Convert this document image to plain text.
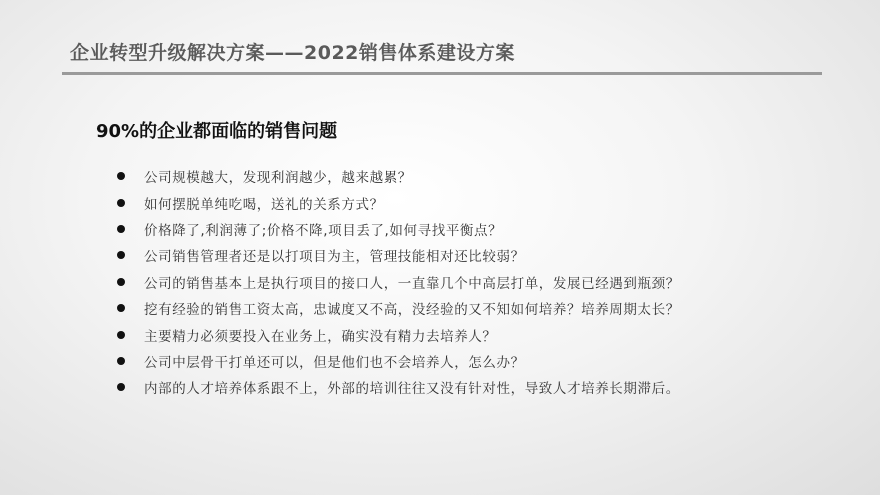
企业转型升级解决方案——2022销售体系建设方案
90%的企业都面临的销售问题
公司规模越大，发现利润越少，越来越累？
如何摆脱单纯吃喝，送礼的关系方式？
价格降了,利润薄了;价格不降,项目丢了,如何寻找平衡点？
公司销售管理者还是以打项目为主，管理技能相对还比较弱？
公司的销售基本上是执行项目的接口人，一直靠几个中高层打单，发展已经遇到瓶颈？
挖有经验的销售工资太高，忠诚度又不高，没经验的又不知如何培养？培养周期太长？
主要精力必须要投入在业务上，确实没有精力去培养人？
公司中层骨干打单还可以，但是他们也不会培养人，怎么办？
内部的人才培养体系跟不上，外部的培训往往又没有针对性，导致人才培养长期滞后。
